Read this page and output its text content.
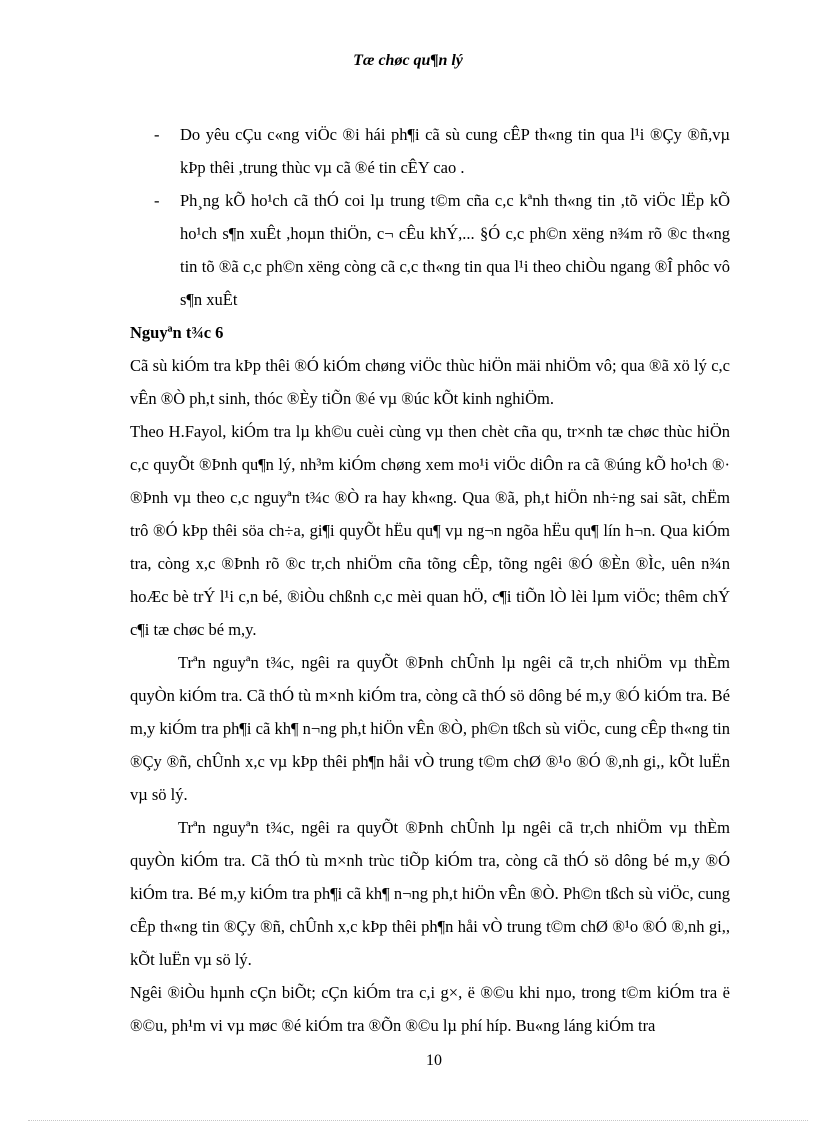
Tæ chøc qu¶n lý
-	Do yêu cÇu c«ng viÖc ®i hái ph¶i cã sù cung cÊP th«ng tin qua l¹i ®Çy ®ñ,vµ kÞp thêi ,trung thùc vµ cã ®é tin cÊY cao .
-	Ph¸ng kÕ ho¹ch cã thÓ coi lµ trung t©m cña c,c kªnh th«ng tin ,tõ viÖc lËp kÕ ho¹ch s¶n xuÊt ,hoµn thiÖn, c¬ cÊu khÝ,... §Ó c,c ph©n xëng n¾m rõ ®c th«ng tin tõ ®ã c,c ph©n xëng còng cã c,c th«ng tin qua l¹i theo chiÒu ngang ®Î phôc vô s¶n xuÊt
Nguyªn t¾c 6

Cã sù kiÓm tra kÞp thêi ®Ó kiÓm chøng viÖc thùc hiÖn mäi nhiÖm vô; qua ®ã xö lý c,c vÊn ®Ò ph,t sinh, thóc ®Èy tiÕn ®é vµ ®úc kÕt kinh nghiÖm.

Theo H.Fayol, kiÓm tra lµ kh©u cuèi cùng vµ then chèt cña qu, tr×nh tæ chøc thùc hiÖn c,c quyÕt ®Þnh qu¶n lý, nh³m kiÓm chøng xem mo¹i viÖc diÔn ra cã ®úng kÕ ho¹ch ®· ®Þnh vµ theo c,c nguyªn t¾c ®Ò ra hay kh«ng. Qua ®ã, ph,t hiÖn nh÷ng sai sãt, chËm trô ®Ó kÞp thêi söa ch÷a, gi¶i quyÕt hËu qu¶ vµ ng¬n ngõa hËu qu¶ lín h¬n. Qua kiÓm tra, còng x,c ®Þnh rõ ®c tr,ch nhiÖm cña tõng cÊp, tõng ngêi ®Ó ®Èn ®Ìc, uên n¾n hoÆc bè trÝ l¹i c,n bé, ®iÒu chßnh c,c mèi quan hÖ, c¶i tiÕn lÒ lèi lµm viÖc; thêm chÝ c¶i tæ chøc bé m,y.

Trªn nguyªn t¾c, ngêi ra quyÕt ®Þnh chÛnh lµ ngêi cã tr,ch nhiÖm vµ thÈm quyÒn kiÓm tra. Cã thÓ tù m×nh kiÓm tra, còng cã thÓ sö dông bé m,y ®Ó kiÓm tra. Bé m,y kiÓm tra ph¶i cã kh¶ n¬ng ph,t hiÖn vÊn ®Ò, ph©n tßch sù viÖc, cung cÊp th«ng tin ®Çy ®ñ, chÛnh x,c vµ kÞp thêi ph¶n håi vÒ trung t©m chØ ®¹o ®Ó ®,nh gi,, kÕt luËn vµ sö lý.

Trªn nguyªn t¾c, ngêi ra quyÕt ®Þnh chÛnh lµ ngêi cã tr,ch nhiÖm vµ thÈm quyÒn kiÓm tra. Cã thÓ tù m×nh trùc tiÕp kiÓm tra, còng cã thÓ sö dông bé m,y ®Ó kiÓm tra. Bé m,y kiÓm tra ph¶i cã kh¶ n¬ng ph,t hiÖn vÊn ®Ò. Ph©n tßch sù viÖc, cung cÊp th«ng tin ®Çy ®ñ, chÛnh x,c kÞp thêi ph¶n håi vÒ trung t©m chØ ®¹o ®Ó ®,nh gi,, kÕt luËn vµ sö lý.

Ngêi ®iÒu hµnh cÇn biÕt; cÇn kiÓm tra c,i g×, ë ®©u khi nµo, trong t©m kiÓm tra ë ®©u, ph¹m vi vµ møc ®é kiÓm tra ®Õn ®©u lµ phí híp. Bu«ng láng kiÓm tra

10
